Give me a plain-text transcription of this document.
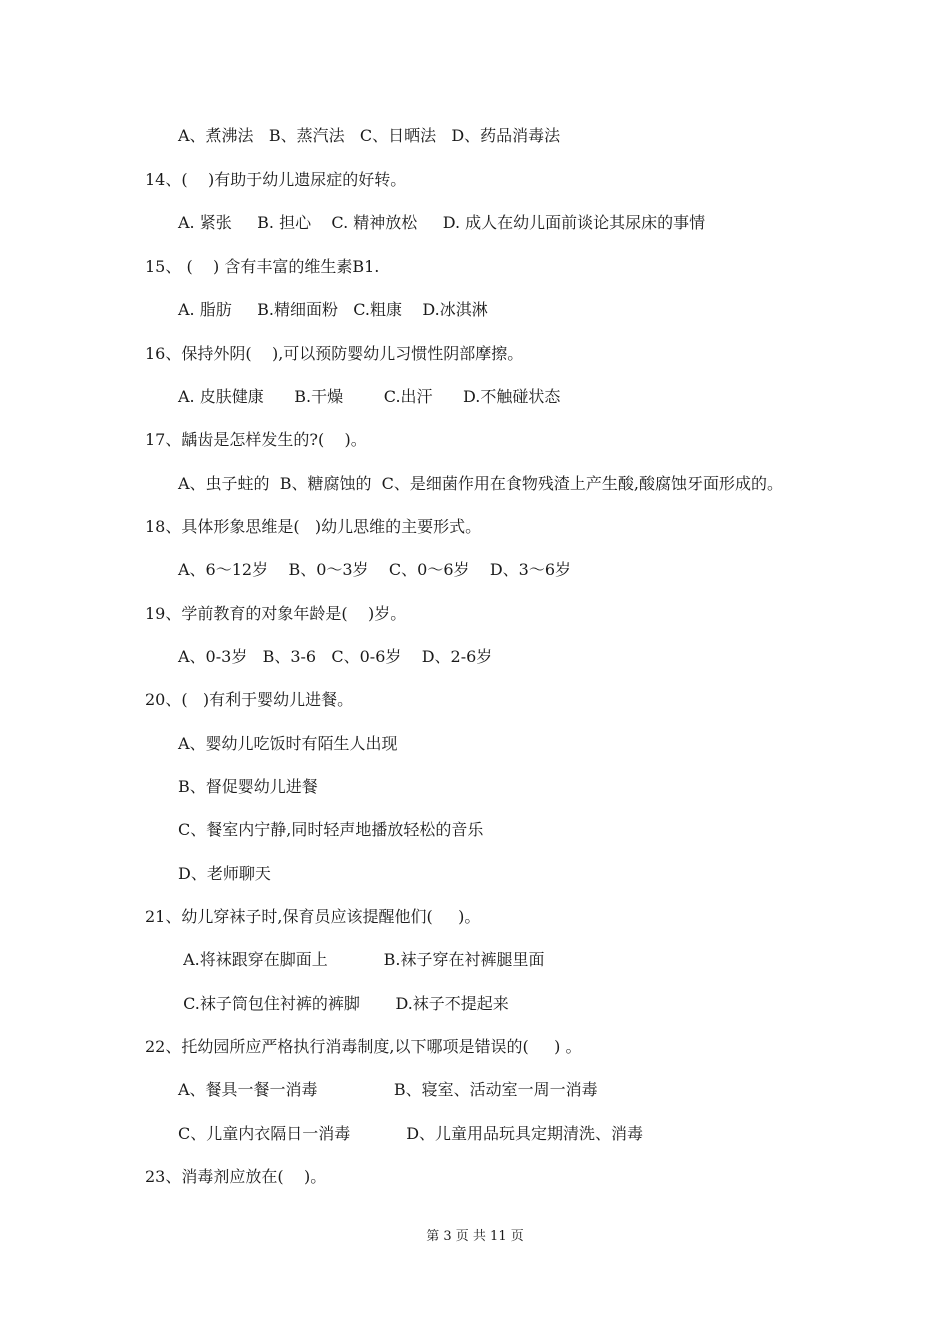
A、煮沸法   B、蒸汽法   C、日晒法   D、药品消毒法
14、(    )有助于幼儿遗尿症的好转。
A. 紧张     B. 担心    C. 精神放松     D. 成人在幼儿面前谈论其尿床的事情
15、 (    ) 含有丰富的维生素B1.
A. 脂肪     B.精细面粉   C.粗康    D.冰淇淋
16、保持外阴(    ),可以预防婴幼儿习惯性阴部摩擦。
A. 皮肤健康      B.干燥        C.出汗      D.不触碰状态
17、龋齿是怎样发生的?(    )。
A、虫子蛀的  B、糖腐蚀的  C、是细菌作用在食物残渣上产生酸,酸腐蚀牙面形成的。
18、具体形象思维是(   )幼儿思维的主要形式。
A、6～12岁    B、0～3岁    C、0～6岁    D、3～6岁
19、学前教育的对象年龄是(    )岁。
A、0-3岁   B、3-6   C、0-6岁    D、2-6岁
20、(   )有利于婴幼儿进餐。
A、婴幼儿吃饭时有陌生人出现
B、督促婴幼儿进餐
C、餐室内宁静,同时轻声地播放轻松的音乐
D、老师聊天
21、幼儿穿袜子时,保育员应该提醒他们(     )。
A.将袜跟穿在脚面上           B.袜子穿在衬裤腿里面
C.袜子筒包住衬裤的裤脚       D.袜子不提起来
22、托幼园所应严格执行消毒制度,以下哪项是错误的(     ) 。
A、餐具一餐一消毒               B、寝室、活动室一周一消毒
C、儿童内衣隔日一消毒           D、儿童用品玩具定期清洗、消毒
23、消毒剂应放在(    )。
第 3 页 共 11 页
